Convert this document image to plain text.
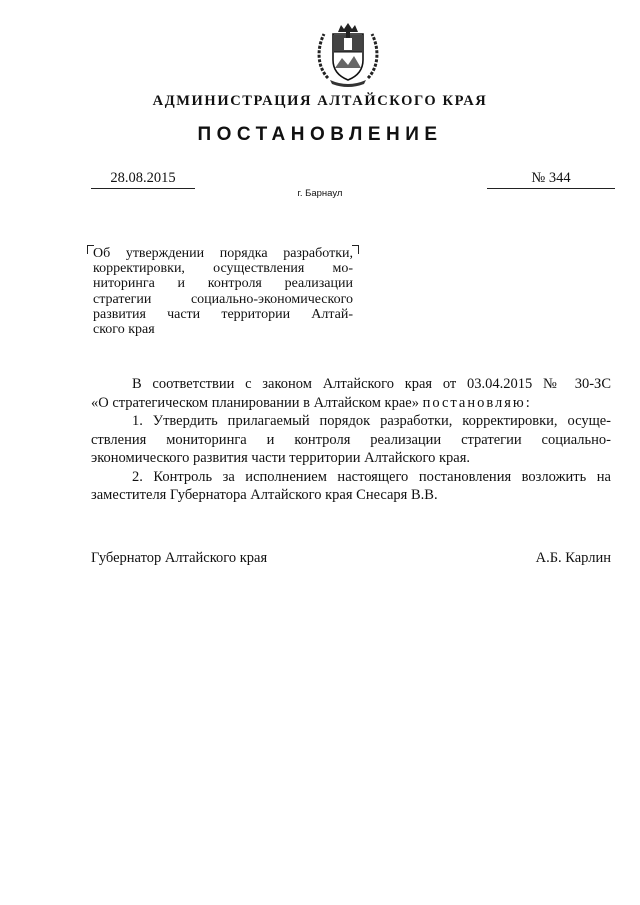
АДМИНИСТРАЦИЯ АЛТАЙСКОГО КРАЯ
ПОСТАНОВЛЕНИЕ
28.08.2015	№ 344
г. Барнаул
Об утверждении порядка разработки,
корректировки, осуществления мо-
ниторинга и контроля реализации
стратегии социально-экономического
развития части территории Алтай-
ского края
В соответствии с законом Алтайского края от 03.04.2015 № 30-ЗС
«О стратегическом планировании в Алтайском крае» постановляю:
1. Утвердить прилагаемый порядок разработки, корректировки, осуще-
ствления мониторинга и контроля реализации стратегии социально-
экономического развития части территории Алтайского края.
2. Контроль за исполнением настоящего постановления возложить на
заместителя Губернатора Алтайского края Снесаря В.В.
Губернатор Алтайского края	А.Б. Карлин
